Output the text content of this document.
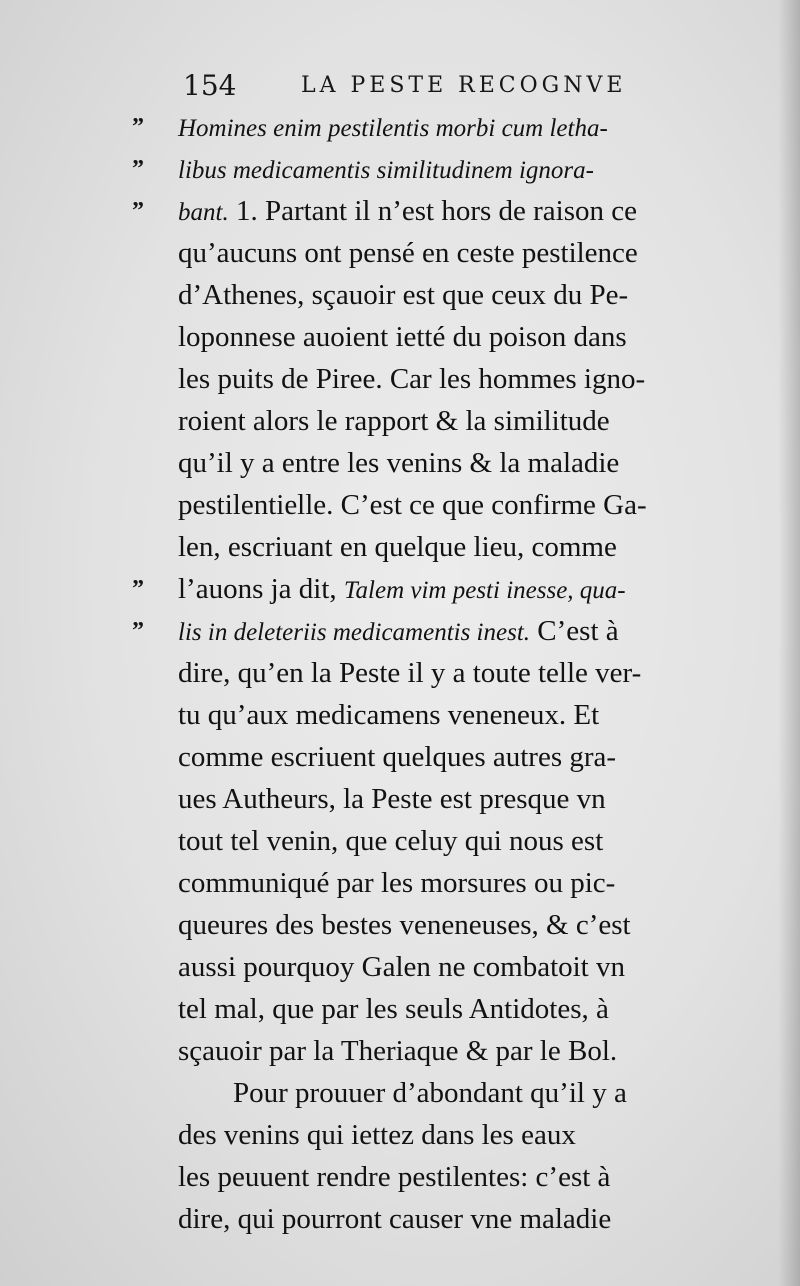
154	LA PESTE RECOGNVE
” Homines enim pestilentis morbi cum letha-
” libus medicamentis similitudinem ignora-
” bant. 1. Partant il n’est hors de raison ce
qu’aucuns ont pensé en ceste pestilence
d’Athenes, sçauoir est que ceux du Pe-
loponnese auoient ietté du poison dans
les puits de Piree. Car les hommes igno-
roient alors le rapport & la similitude
qu’il y a entre les venins & la maladie
pestilentielle. C’est ce que confirme Ga-
len, escriuant en quelque lieu, comme
” l’auons ja dit, Talem vim pesti inesse, qua-
” lis in deleteriis medicamentis inest. C’est à
dire, qu’en la Peste il y a toute telle ver-
tu qu’aux medicamens veneneux. Et
comme escriuent quelques autres gra-
ues Autheurs, la Peste est presque vn
tout tel venin, que celuy qui nous est
communiqué par les morsures ou pic-
queures des bestes veneneuses, & c’est
aussi pourquoy Galen ne combatoit vn
tel mal, que par les seuls Antidotes, à
sçauoir par la Theriaque & par le Bol.
Pour prouuer d’abondant qu’il y a
des venins qui iettez dans les eaux
les peuuent rendre pestilentes: c’est à
dire, qui pourront causer vne maladie
